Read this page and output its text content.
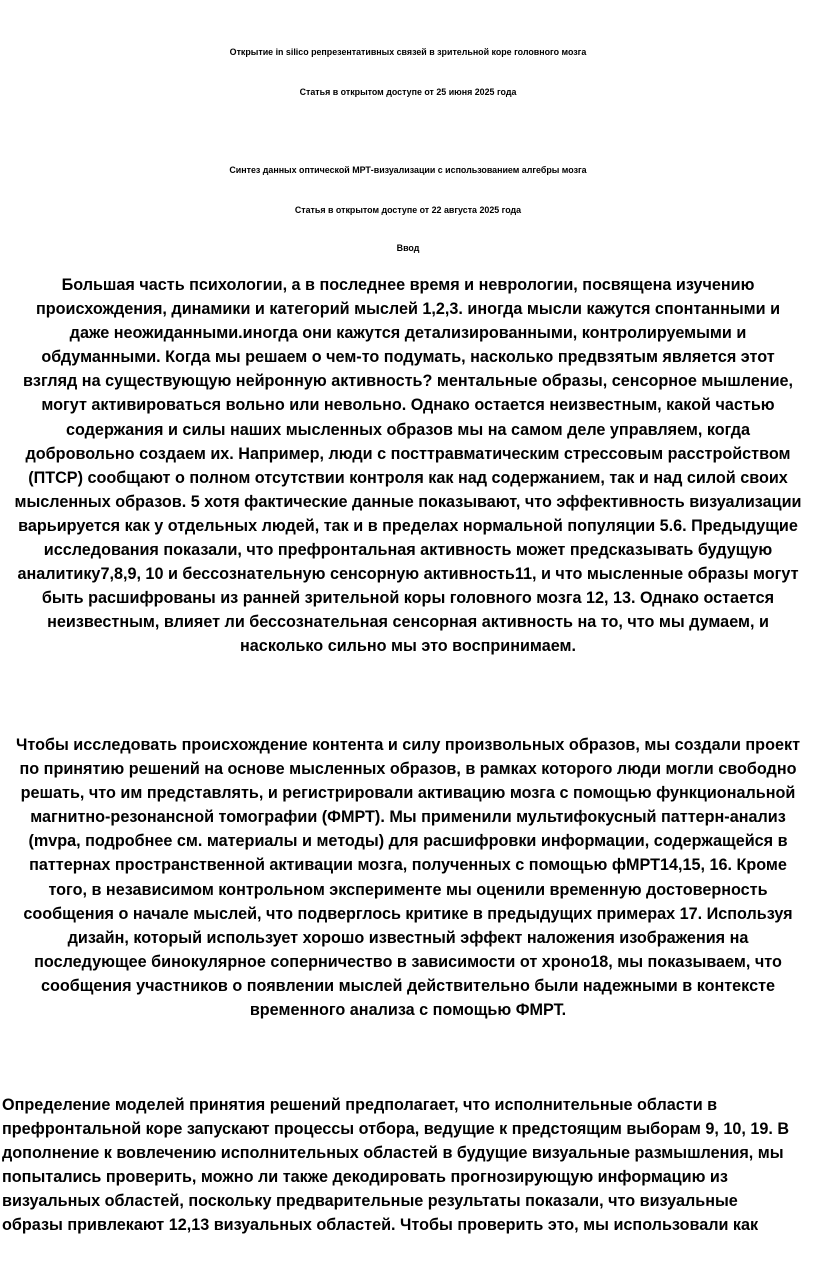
Открытие in silico репрезентативных связей в зрительной коре головного мозга

Статья в открытом доступе от 25 июня 2025 года

Синтез данных оптической МРТ-визуализации с использованием алгебры мозга

Статья в открытом доступе от 22 августа 2025 года

Ввод

Большая часть психологии, а в последнее время и неврологии, посвящена изучению
происхождения, динамики и категорий мыслей 1,2,3. иногда мысли кажутся спонтанными и
даже неожиданными.иногда они кажутся детализированными, контролируемыми и
обдуманными. Когда мы решаем о чем-то подумать, насколько предвзятым является этот
взгляд на существующую нейронную активность? ментальные образы, сенсорное мышление,
могут активироваться вольно или невольно. Однако остается неизвестным, какой частью
содержания и силы наших мысленных образов мы на самом деле управляем, когда
добровольно создаем их. Например, люди с посттравматическим стрессовым расстройством
(ПТСР) сообщают о полном отсутствии контроля как над содержанием, так и над силой своих
мысленных образов. 5 хотя фактические данные показывают, что эффективность визуализации
варьируется как у отдельных людей, так и в пределах нормальной популяции 5.6. Предыдущие
исследования показали, что префронтальная активность может предсказывать будущую
аналитику7,8,9, 10 и бессознательную сенсорную активность11, и что мысленные образы могут
быть расшифрованы из ранней зрительной коры головного мозга 12, 13. Однако остается
неизвестным, влияет ли бессознательная сенсорная активность на то, что мы думаем, и
насколько сильно мы это воспринимаем.
Чтобы исследовать происхождение контента и силу произвольных образов, мы создали проект
по принятию решений на основе мысленных образов, в рамках которого люди могли свободно
решать, что им представлять, и регистрировали активацию мозга с помощью функциональной
магнитно-резонансной томографии (ФМРТ). Мы применили мультифокусный паттерн-анализ
(mvpa, подробнее см. материалы и методы) для расшифровки информации, содержащейся в
паттернах пространственной активации мозга, полученных с помощью фМРТ14,15, 16. Кроме
того, в независимом контрольном эксперименте мы оценили временную достоверность
сообщения о начале мыслей, что подверглось критике в предыдущих примерах 17. Используя
дизайн, который использует хорошо известный эффект наложения изображения на
последующее бинокулярное соперничество в зависимости от хроно18, мы показываем, что
сообщения участников о появлении мыслей действительно были надежными в контексте
временного анализа с помощью ФМРТ.
Определение моделей принятия решений предполагает, что исполнительные области в
префронтальной коре запускают процессы отбора, ведущие к предстоящим выборам 9, 10, 19. В
дополнение к вовлечению исполнительных областей в будущие визуальные размышления, мы
попытались проверить, можно ли также декодировать прогнозирующую информацию из
визуальных областей, поскольку предварительные результаты показали, что визуальные
образы привлекают 12,13 визуальных областей. Чтобы проверить это, мы использовали как
